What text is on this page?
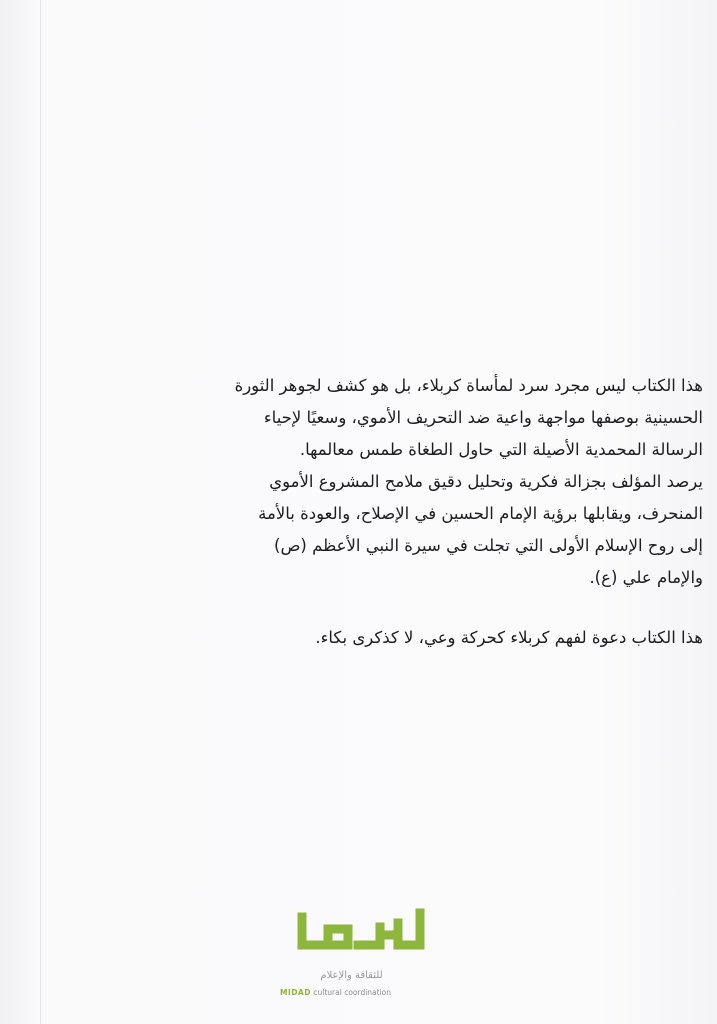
هذا الكتاب ليس مجرد سرد لمأساة كربلاء، بل هو كشف لجوهر الثورة
الحسينية بوصفها مواجهة واعية ضد التحريف الأموي، وسعيًا لإحياء
الرسالة المحمدية الأصيلة التي حاول الطغاة طمس معالمها.
يرصد المؤلف بجزالة فكرية وتحليل دقيق ملامح المشروع الأموي
المنحرف، ويقابلها برؤية الإمام الحسين في الإصلاح، والعودة بالأمة
إلى روح الإسلام الأولى التي تجلت في سيرة النبي الأعظم (ص)
والإمام علي (ع).
هذا الكتاب دعوة لفهم كربلاء كحركة وعي، لا كذكرى بكاء.
للثقافة والإعلام
MIDAD cultural coordination
